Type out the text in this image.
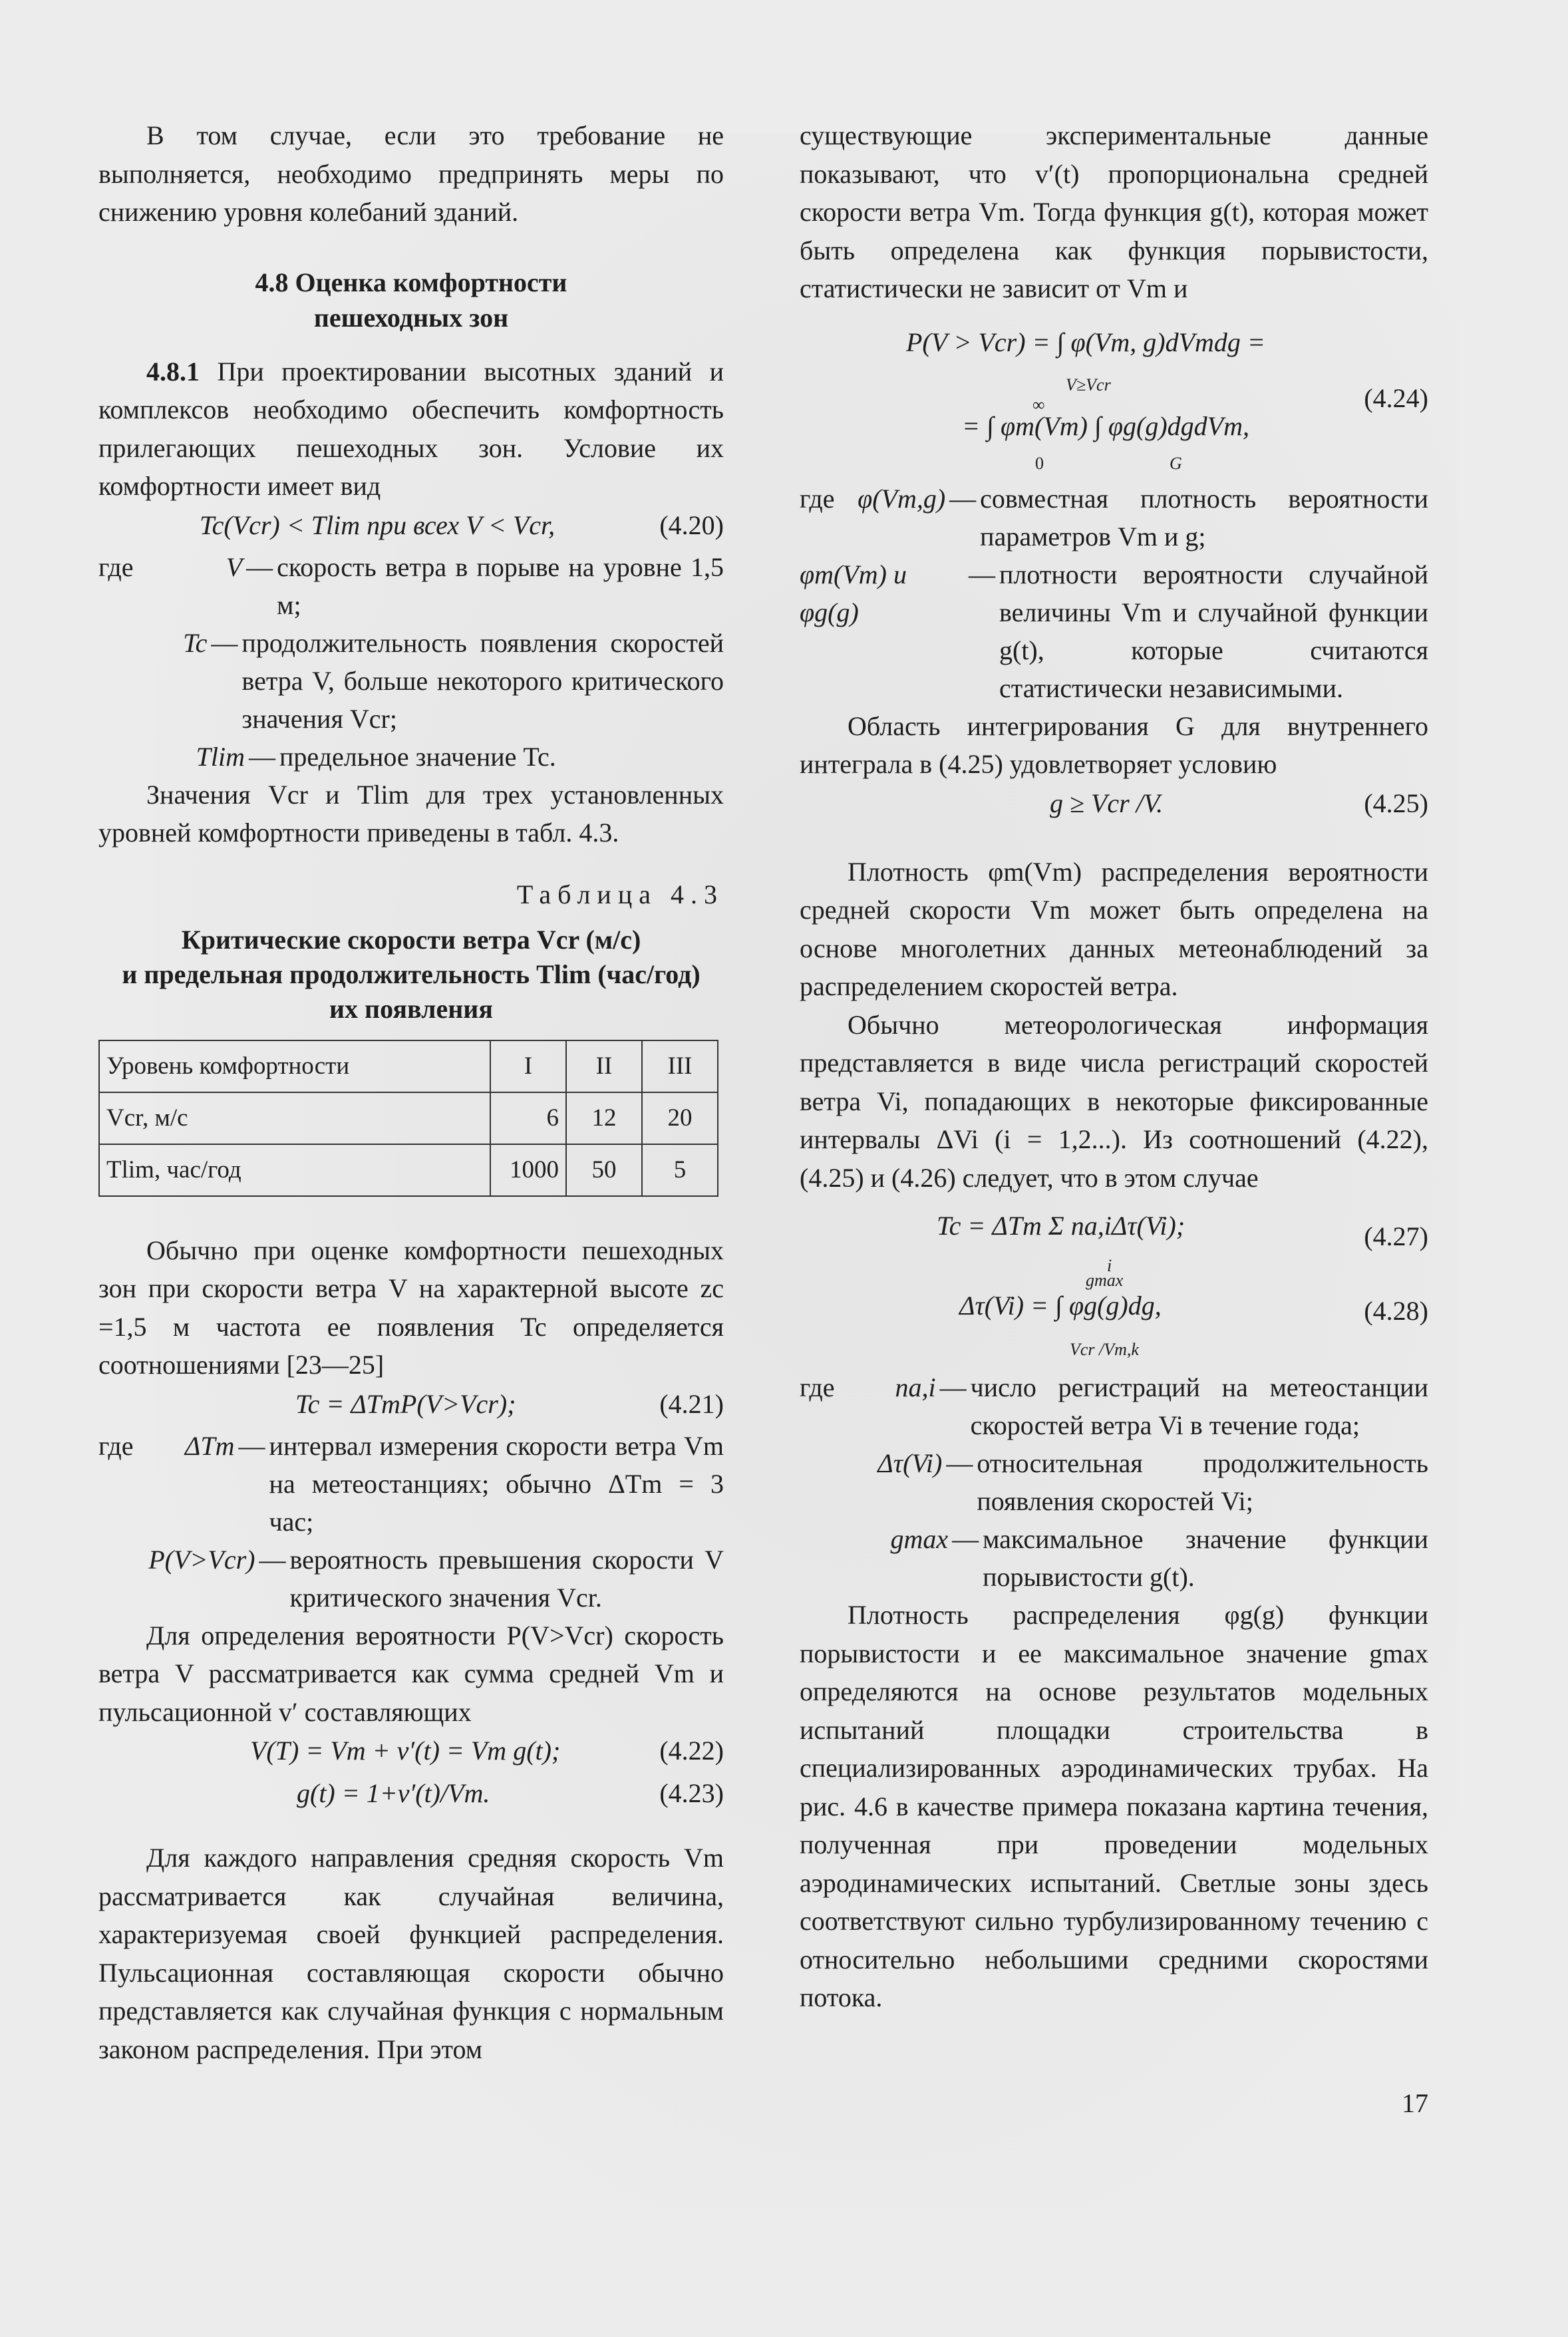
В том случае, если это требование не выполняется, необходимо предпринять меры по снижению уровня колебаний зданий.

4.8 Оценка комфортности
пешеходных зон

4.8.1 При проектировании высотных зданий и комплексов необходимо обеспечить комфортность прилегающих пешеходных зон. Условие их комфортности имеет вид

Tc(Vcr) < Tlim при всех V < Vcr,	(4.20)
где	V — скорость ветра в порыве на уровне 1,5 м;
Tc — продолжительность появления скоростей ветра V, больше некоторого критического значения Vcr;
Tlim — предельное значение Tc.

Значения Vcr и Tlim для трех установленных уровней комфортности приведены в табл. 4.3.

Таблица 4.3
Критические скорости ветра Vcr (м/с)
и предельная продолжительность Tlim (час/год)
их появления
Уровень комфортности	I	II	III
Vcr, м/с	6	12	20
Tlim, час/год	1000	50	5

Обычно при оценке комфортности пешеходных зон при скорости ветра V на характерной высоте zc =1,5 м частота ее появления Tc определяется соотношениями [23—25]

Tc = ΔTmP(V>Vcr);	(4.21)
где	ΔTm — интервал измерения скорости ветра Vm на метеостанциях; обычно ΔTm = 3 час;
P(V>Vcr) — вероятность превышения скорости V критического значения Vcr.

Для определения вероятности P(V>Vcr) скорость ветра V рассматривается как сумма средней Vm и пульсационной v′ составляющих

V(T) = Vm + v′(t) = Vm g(t);	(4.22)
g(t) = 1+v′(t)/Vm.	(4.23)

Для каждого направления средняя скорость Vm рассматривается как случайная величина, характеризуемая своей функцией распределения. Пульсационная составляющая скорости обычно представляется как случайная функция с нормальным законом распределения. При этом

существующие экспериментальные данные показывают, что v′(t) пропорциональна средней скорости ветра Vm. Тогда функция g(t), которая может быть определена как функция порывистости, статистически не зависит от Vm и

P(V > Vcr) = ∫ φ(Vm, g)dVmdg =
V≥Vcr
∞
= ∫ φm(Vm) ∫ φg(g)dgdVm,
0	G
(4.24)
где φ(Vm,g) — совместная плотность вероятности параметров Vm и g;
φm(Vm) и φg(g)
— плотности вероятности случайной величины Vm и случайной функции g(t), которые считаются статистически независимыми.

Область интегрирования G для внутреннего интеграла в (4.25) удовлетворяет условию

g ≥ Vcr /V.	(4.25)

Плотность φm(Vm) распределения вероятности средней скорости Vm может быть определена на основе многолетних данных метеонаблюдений за распределением скоростей ветра.

Обычно метеорологическая информация представляется в виде числа регистраций скоростей ветра Vi, попадающих в некоторые фиксированные интервалы ΔVi (i = 1,2...). Из соотношений (4.22), (4.25) и (4.26) следует, что в этом случае

Tc = ΔTm Σ na,iΔτ(Vi);
i
(4.27)
gmax
Δτ(Vi) = ∫ φg(g)dg,
Vcr /Vm,k
(4.28)
где	na,i — число регистраций на метеостанции скоростей ветра Vi в течение года;
Δτ(Vi) — относительная продолжительность появления скоростей Vi;
gmax — максимальное значение функции порывистости g(t).

Плотность распределения φg(g) функции порывистости и ее максимальное значение gmax определяются на основе результатов модельных испытаний площадки строительства в специализированных аэродинамических трубах. На рис. 4.6 в качестве примера показана картина течения, полученная при проведении модельных аэродинамических испытаний. Светлые зоны здесь соответствуют сильно турбулизированному течению с относительно небольшими средними скоростями потока.

17
